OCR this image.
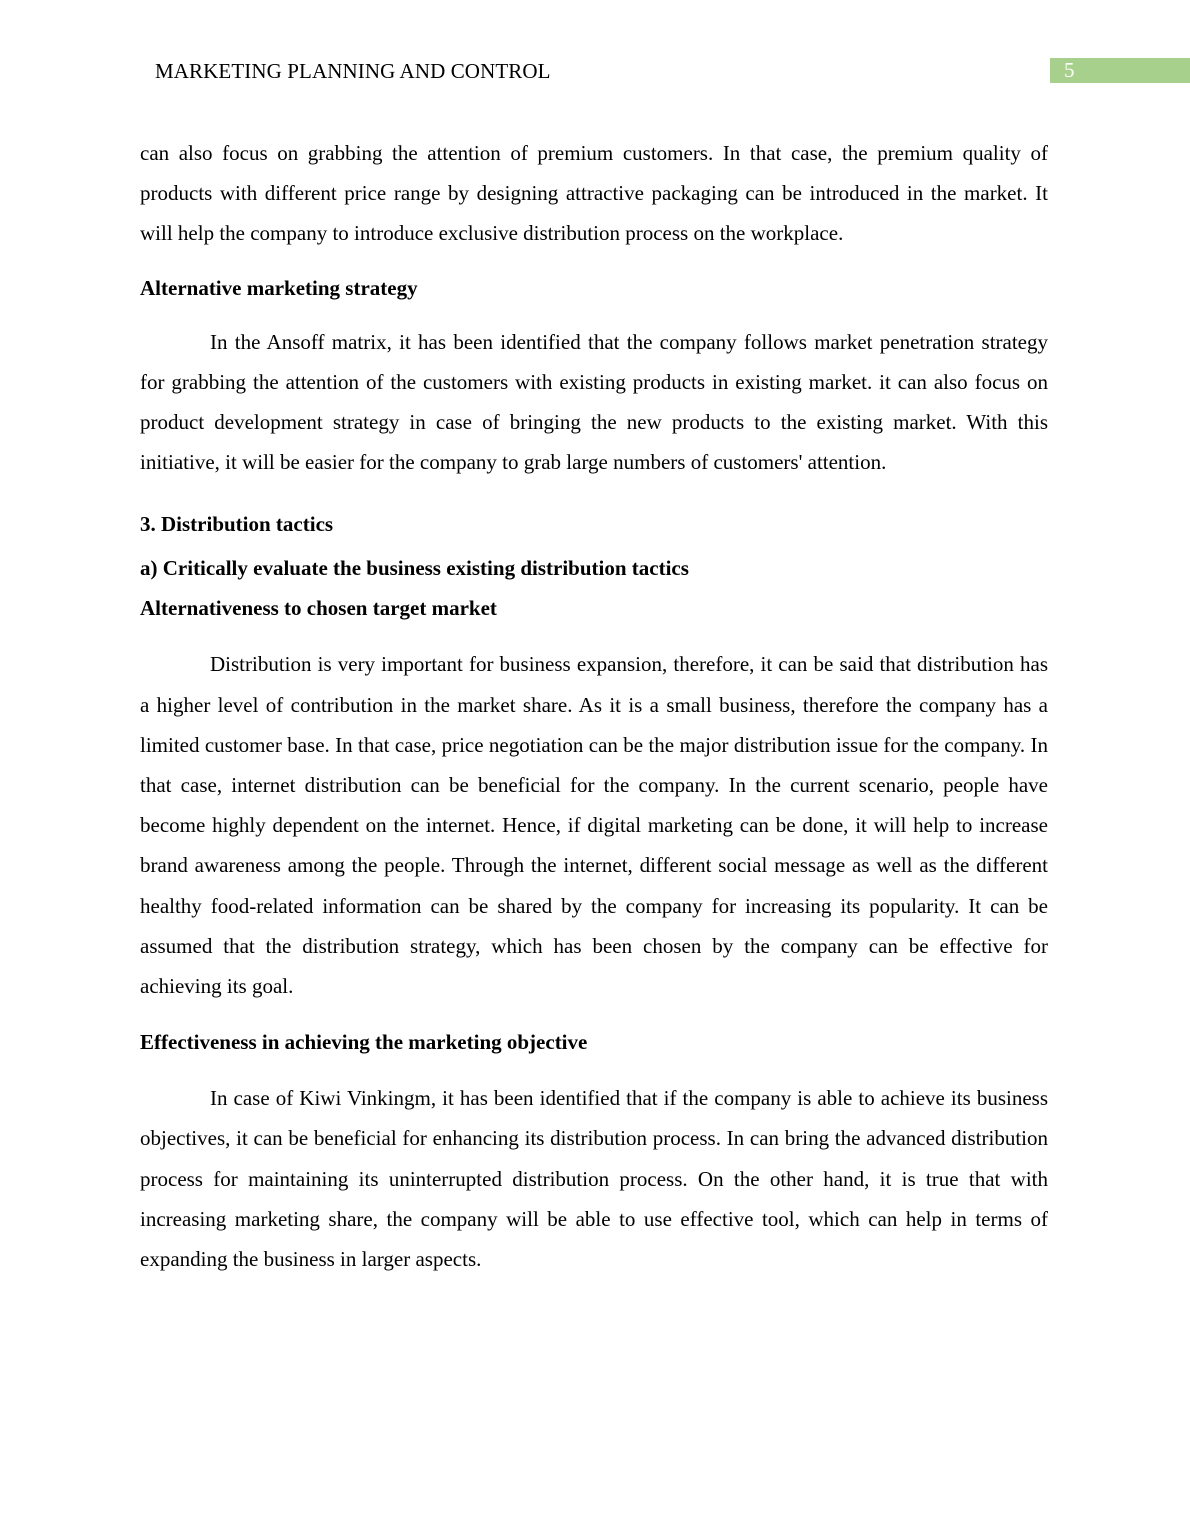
MARKETING PLANNING AND CONTROL	5

can also focus on grabbing the attention of premium customers. In that case, the premium quality of products with different price range by designing attractive packaging can be introduced in the market. It will help the company to introduce exclusive distribution process on the workplace.

Alternative marketing strategy

In the Ansoff matrix, it has been identified that the company follows market penetration strategy for grabbing the attention of the customers with existing products in existing market. it can also focus on product development strategy in case of bringing the new products to the existing market. With this initiative, it will be easier for the company to grab large numbers of customers' attention.

3. Distribution tactics

a) Critically evaluate the business existing distribution tactics

Alternativeness to chosen target market

Distribution is very important for business expansion, therefore, it can be said that distribution has a higher level of contribution in the market share. As it is a small business, therefore the company has a limited customer base. In that case, price negotiation can be the major distribution issue for the company. In that case, internet distribution can be beneficial for the company. In the current scenario, people have become highly dependent on the internet. Hence, if digital marketing can be done, it will help to increase brand awareness among the people. Through the internet, different social message as well as the different healthy food-related information can be shared by the company for increasing its popularity. It can be assumed that the distribution strategy, which has been chosen by the company can be effective for achieving its goal.

Effectiveness in achieving the marketing objective

In case of Kiwi Vinkingm, it has been identified that if the company is able to achieve its business objectives, it can be beneficial for enhancing its distribution process. In can bring the advanced distribution process for maintaining its uninterrupted distribution process. On the other hand, it is true that with increasing marketing share, the company will be able to use effective tool, which can help in terms of expanding the business in larger aspects.
